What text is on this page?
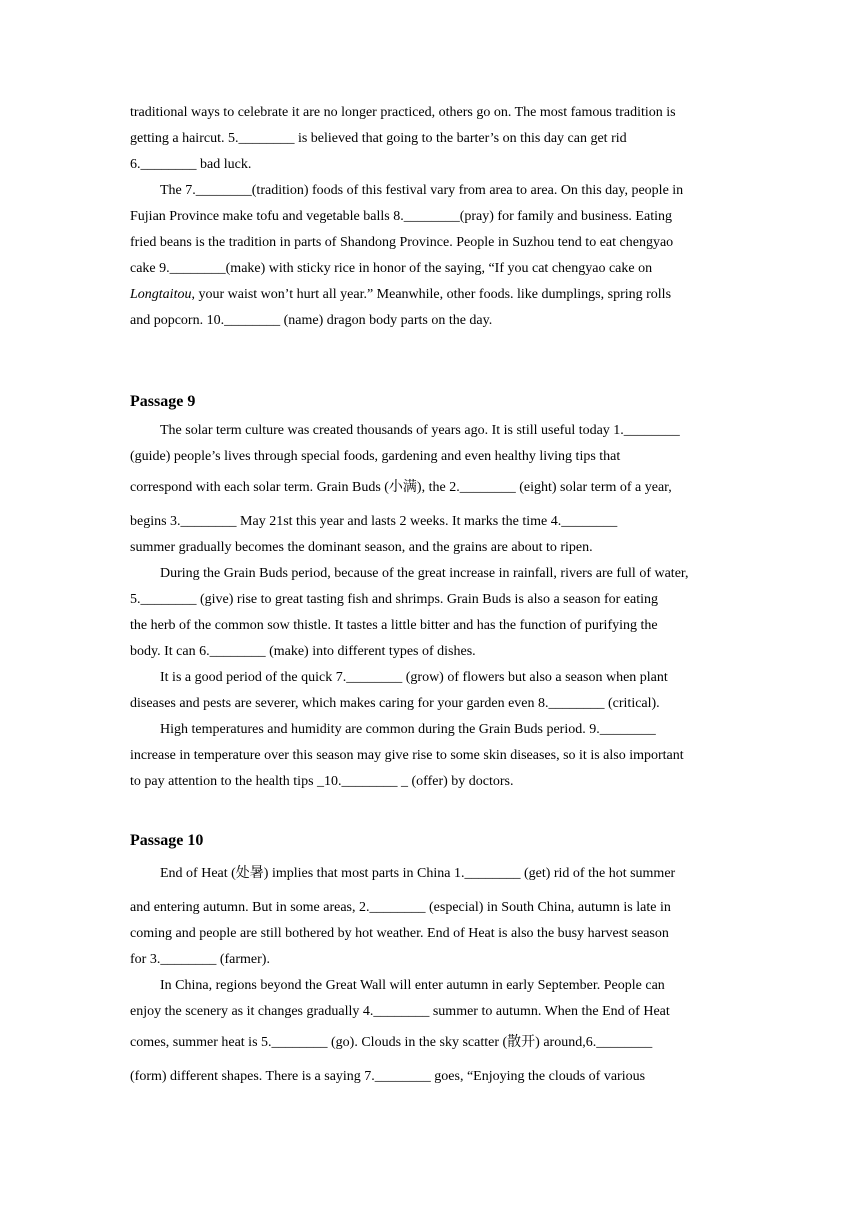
traditional ways to celebrate it are no longer practiced, others go on. The most famous tradition is
getting a haircut. 5.________ is believed that going to the barter’s on this day can get rid
6.________ bad luck.
The 7.________(tradition) foods of this festival vary from area to area. On this day, people in
Fujian Province make tofu and vegetable balls 8.________(pray) for family and business. Eating
fried beans is the tradition in parts of Shandong Province. People in Suzhou tend to eat chengyao
cake 9.________(make) with sticky rice in honor of the saying, “If you cat chengyao cake on
Longtaitou, your waist won’t hurt all year.” Meanwhile, other foods. like dumplings, spring rolls
and popcorn. 10.________ (name) dragon body parts on the day.
Passage 9
The solar term culture was created thousands of years ago. It is still useful today 1.________
(guide) people’s lives through special foods, gardening and even healthy living tips that
correspond with each solar term. Grain Buds (小满), the 2.________ (eight) solar term of a year,
begins 3.________ May 21st this year and lasts 2 weeks. It marks the time 4.________
summer gradually becomes the dominant season, and the grains are about to ripen.
During the Grain Buds period, because of the great increase in rainfall, rivers are full of water,
5.________ (give) rise to great tasting fish and shrimps. Grain Buds is also a season for eating
the herb of the common sow thistle. It tastes a little bitter and has the function of purifying the
body. It can 6.________ (make) into different types of dishes.
It is a good period of the quick 7.________ (grow) of flowers but also a season when plant
diseases and pests are severer, which makes caring for your garden even 8.________ (critical).
High temperatures and humidity are common during the Grain Buds period. 9.________
increase in temperature over this season may give rise to some skin diseases, so it is also important
to pay attention to the health tips _10.________ _ (offer) by doctors.
Passage 10
End of Heat (处暑) implies that most parts in China 1.________ (get) rid of the hot summer
and entering autumn. But in some areas, 2.________ (especial) in South China, autumn is late in
coming and people are still bothered by hot weather. End of Heat is also the busy harvest season
for 3.________ (farmer).
In China, regions beyond the Great Wall will enter autumn in early September. People can
enjoy the scenery as it changes gradually 4.________ summer to autumn. When the End of Heat
comes, summer heat is 5.________ (go). Clouds in the sky scatter (散开) around,6.________
(form) different shapes. There is a saying 7.________ goes, “Enjoying the clouds of various
